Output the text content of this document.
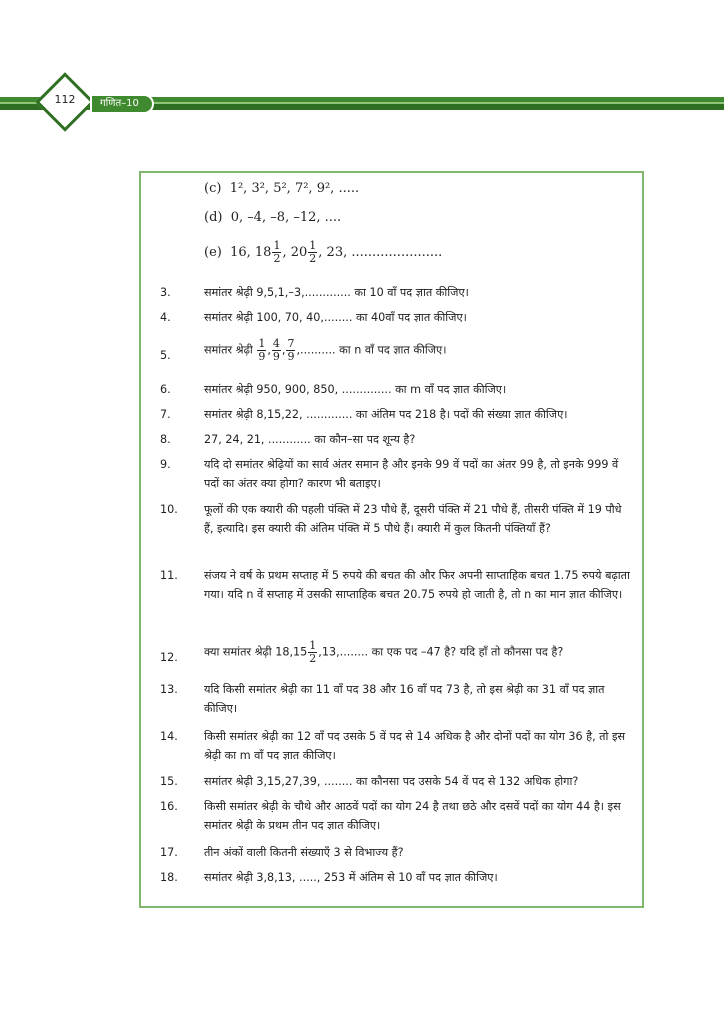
112	गणित–10
(c) 1², 3², 5², 7², 9², .....
(d) 0, –4, –8, –12, ....
(e) 16, $18 \frac{1}{2}$ , $20 \frac{1}{2}$ , 23, ......................
3.	समांतर श्रेढ़ी 9,5,1,–3,............. का 10 वाँ पद ज्ञात कीजिए।
4.	समांतर श्रेढ़ी 100, 70, 40,........ का 40वाँ पद ज्ञात कीजिए।
5.	समांतर श्रेढ़ी $\frac{1}{9}$ , $\frac{4}{9}$ , $\frac{7}{9}$ ,.......... का n वाँ पद ज्ञात कीजिए।
6.	समांतर श्रेढ़ी 950, 900, 850, .............. का m वाँ पद ज्ञात कीजिए।
7.	समांतर श्रेढ़ी 8,15,22, ............. का अंतिम पद 218 है। पदों की संख्या ज्ञात कीजिए।
8.	27, 24, 21, ............ का कौन–सा पद शून्य है?
9.	यदि दो समांतर श्रेढ़ियों का सार्व अंतर समान है और इनके 99 वें पदों का अंतर 99 है, तो इनके 999 वें पदों का अंतर क्या होगा? कारण भी बताइए।
10. फूलों की एक क्यारी की पहली पंक्ति में 23 पौधे हैं, दूसरी पंक्ति में 21 पौधे हैं, तीसरी पंक्ति में 19 पौधे हैं, इत्यादि। इस क्यारी की अंतिम पंक्ति में 5 पौधे हैं। क्यारी में कुल कितनी पंक्तियाँ हैं?
11. संजय ने वर्ष के प्रथम सप्ताह में 5 रुपये की बचत की और फिर अपनी साप्ताहिक बचत 1.75 रुपये बढ़ाता गया। यदि n वें सप्ताह में उसकी साप्ताहिक बचत 20.75 रुपये हो जाती है, तो n का मान ज्ञात कीजिए।
12. क्या समांतर श्रेढ़ी $18,15 \frac{1}{2} ,13$,........ का एक पद –47 है? यदि हाँ तो कौनसा पद है?
13. यदि किसी समांतर श्रेढ़ी का 11 वाँ पद 38 और 16 वाँ पद 73 है, तो इस श्रेढ़ी का 31 वाँ पद ज्ञात कीजिए।
14. किसी समांतर श्रेढ़ी का 12 वाँ पद उसके 5 वें पद से 14 अधिक है और दोनों पदों का योग 36 है, तो इस श्रेढ़ी का m वाँ पद ज्ञात कीजिए।
15. समांतर श्रेढ़ी 3,15,27,39, ........ का कौनसा पद उसके 54 वें पद से 132 अधिक होगा?
16. किसी समांतर श्रेढ़ी के चौथे और आठवें पदों का योग 24 है तथा छठे और दसवें पदों का योग 44 है। इस समांतर श्रेढ़ी के प्रथम तीन पद ज्ञात कीजिए।
17. तीन अंकों वाली कितनी संख्याएँ 3 से विभाज्य हैं?
18. समांतर श्रेढ़ी 3,8,13, ....., 253 में अंतिम से 10 वाँ पद ज्ञात कीजिए।
